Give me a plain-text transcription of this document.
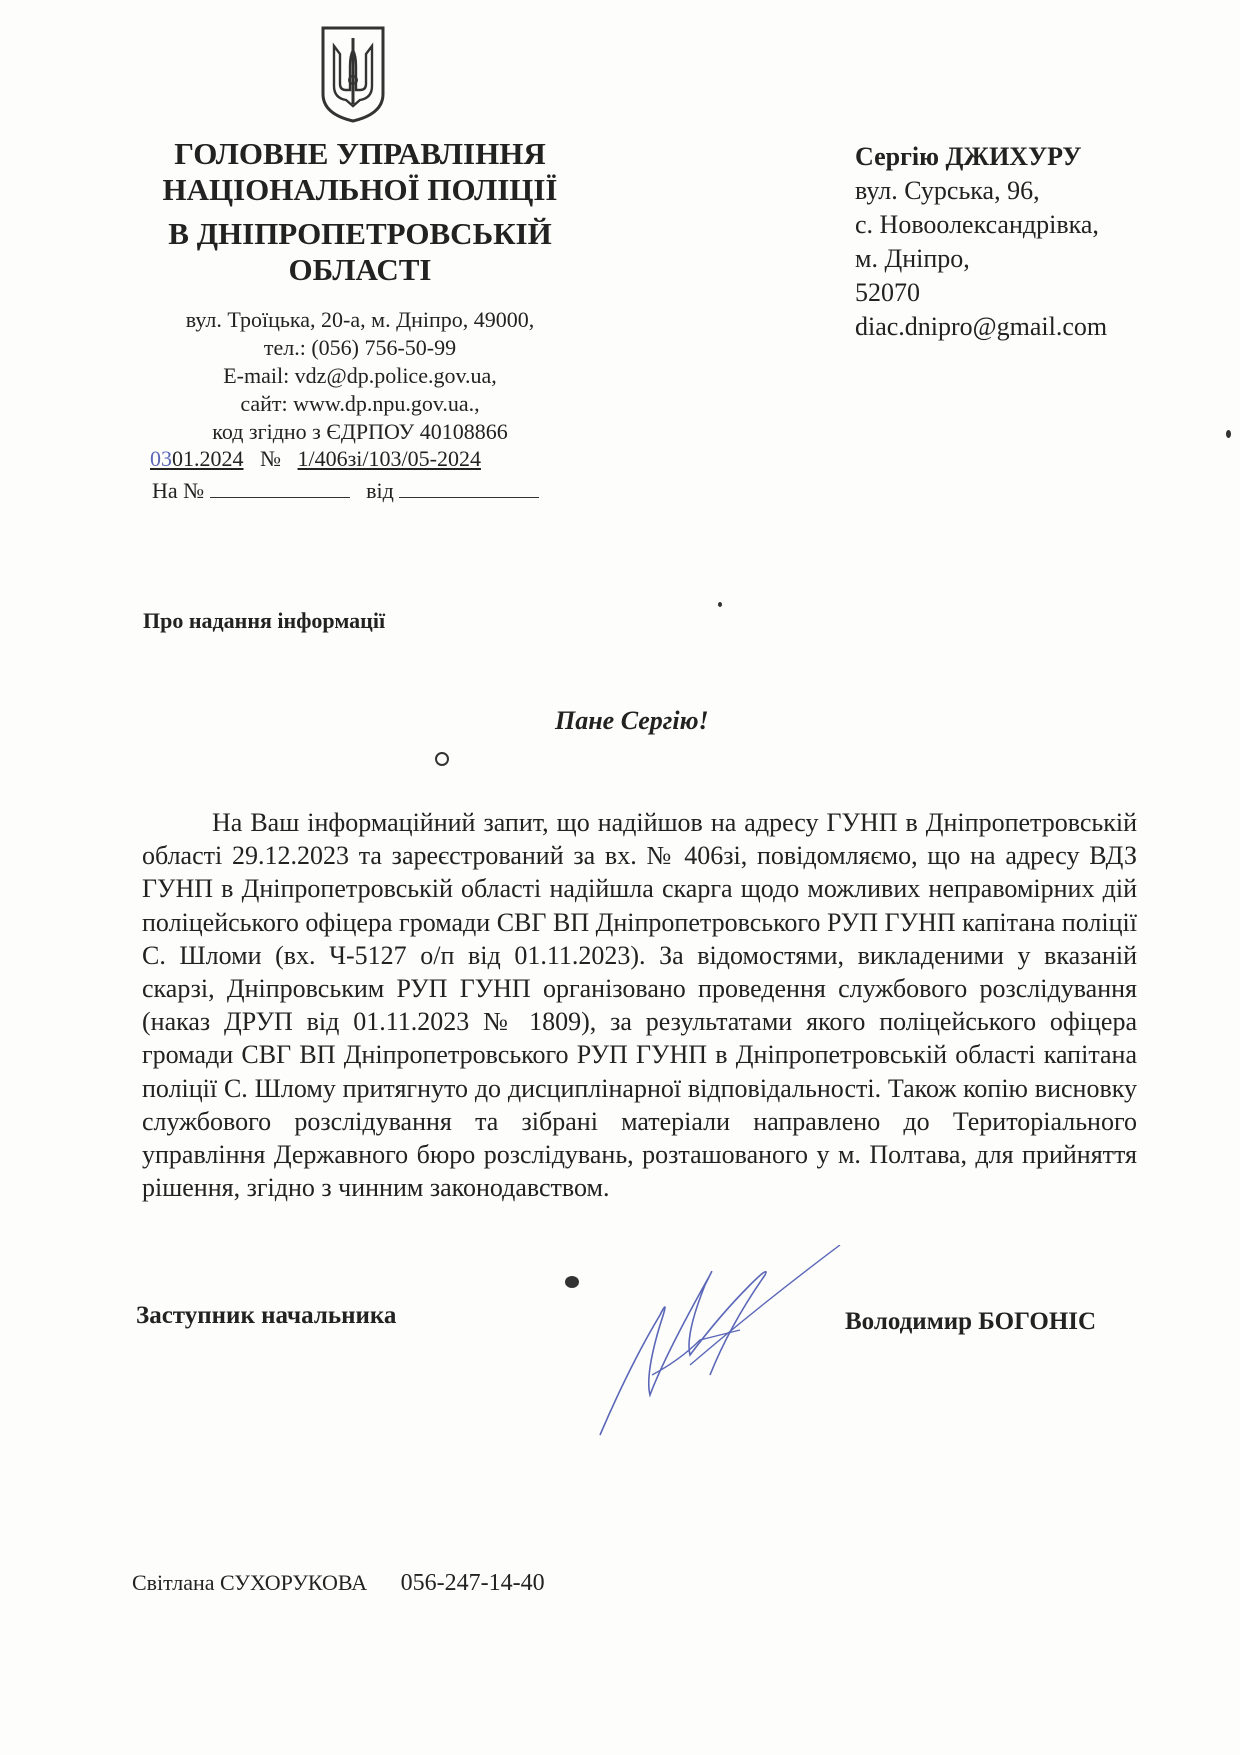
ГОЛОВНЕ УПРАВЛІННЯ
НАЦІОНАЛЬНОЇ ПОЛІЦІЇ
В ДНІПРОПЕТРОВСЬКІЙ
ОБЛАСТІ
вул. Троїцька, 20-а, м. Дніпро, 49000,
тел.: (056) 756-50-99
E-mail: vdz@dp.police.gov.ua,
сайт: www.dp.npu.gov.ua.,
код згідно з ЄДРПОУ 40108866
0301.2024 № 1/406зі/103/05-2024
На №	від
Сергію ДЖИХУРУ
вул. Сурська, 96,
с. Новоолександрівка,
м. Дніпро,
52070
diac.dnipro@gmail.com
Про надання інформації
Пане Сергію!
На Ваш інформаційний запит, що надійшов на адресу ГУНП в Дніпропетровській області 29.12.2023 та зареєстрований за вх. № 406зі, повідомляємо, що на адресу ВДЗ ГУНП в Дніпропетровській області надійшла скарга щодо можливих неправомірних дій поліцейського офіцера громади СВГ ВП Дніпропетровського РУП ГУНП капітана поліції С. Шломи (вх. Ч-5127 о/п від 01.11.2023). За відомостями, викладеними у вказаній скарзі, Дніпровським РУП ГУНП організовано проведення службового розслідування (наказ ДРУП від 01.11.2023 № 1809), за результатами якого поліцейського офіцера громади СВГ ВП Дніпропетровського РУП ГУНП в Дніпропетровській області капітана поліції С. Шлому притягнуто до дисциплінарної відповідальності. Також копію висновку службового розслідування та зібрані матеріали направлено до Територіального управління Державного бюро розслідувань, розташованого у м. Полтава, для прийняття рішення, згідно з чинним законодавством.
Заступник начальника	Володимир БОГОНІС
Світлана СУХОРУКОВА 056-247-14-40
